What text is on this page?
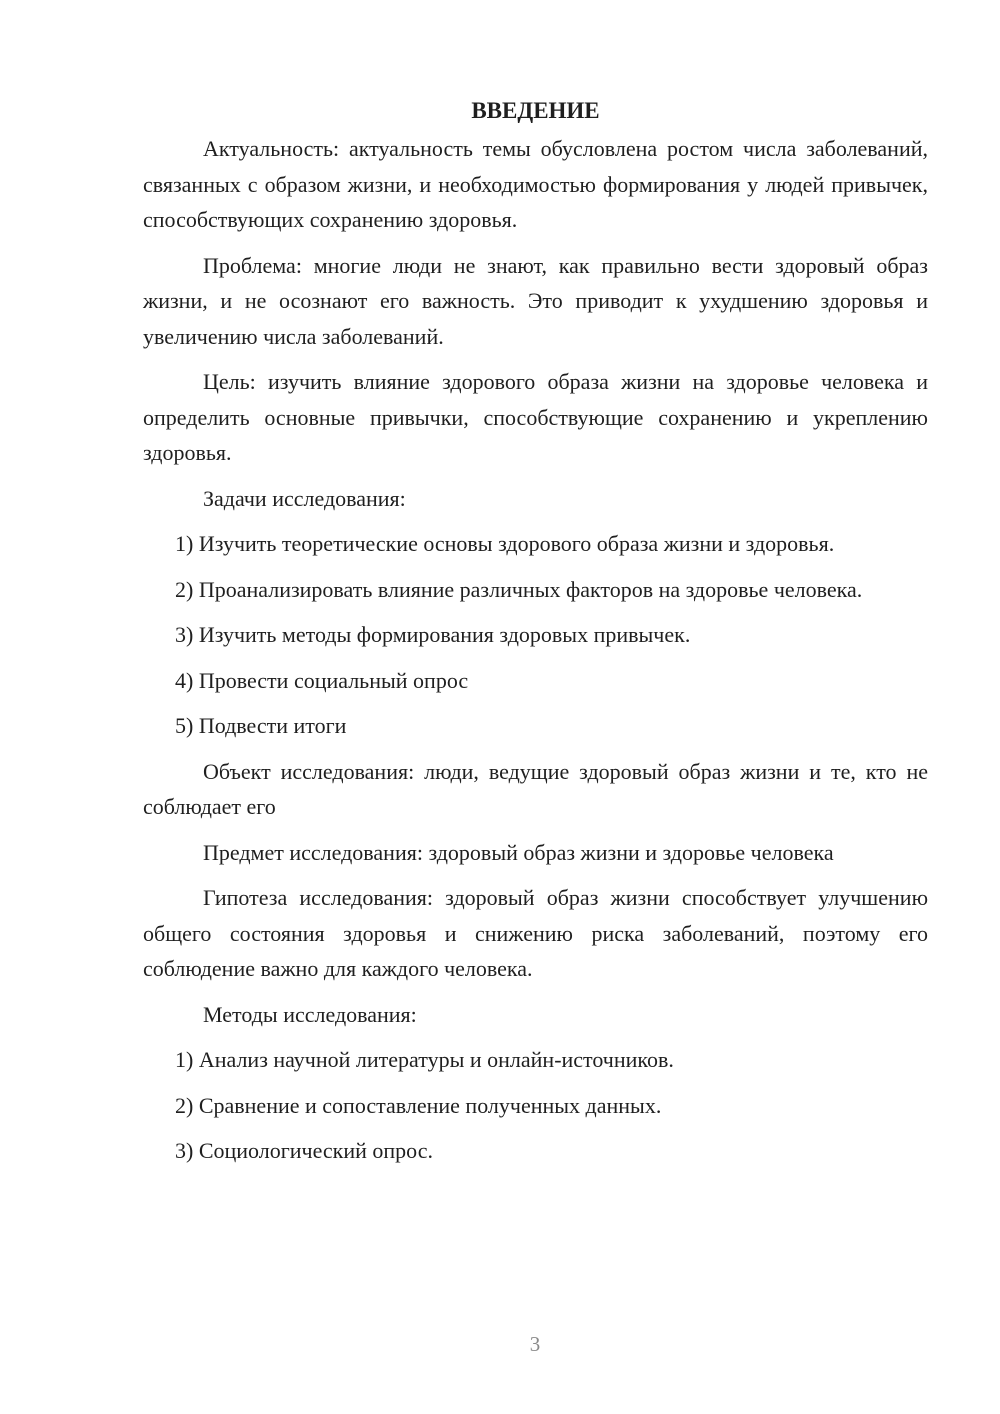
ВВЕДЕНИЕ

Актуальность: актуальность темы обусловлена ростом числа заболеваний, связанных с образом жизни, и необходимостью формирования у людей привычек, способствующих сохранению здоровья.

Проблема: многие люди не знают, как правильно вести здоровый образ жизни, и не осознают его важность. Это приводит к ухудшению здоровья и увеличению числа заболеваний.

Цель: изучить влияние здорового образа жизни на здоровье человека и определить основные привычки, способствующие сохранению и укреплению здоровья.

Задачи исследования:

1) Изучить теоретические основы здорового образа жизни и здоровья.

2) Проанализировать влияние различных факторов на здоровье человека.

3) Изучить методы формирования здоровых привычек.

4) Провести социальный опрос

5) Подвести итоги

Объект исследования: люди, ведущие здоровый образ жизни и те, кто не соблюдает его

Предмет исследования: здоровый образ жизни и здоровье человека

Гипотеза исследования: здоровый образ жизни способствует улучшению общего состояния здоровья и снижению риска заболеваний, поэтому его соблюдение важно для каждого человека.

Методы исследования:

1) Анализ научной литературы и онлайн-источников.

2) Сравнение и сопоставление полученных данных.

3) Социологический опрос.

3
